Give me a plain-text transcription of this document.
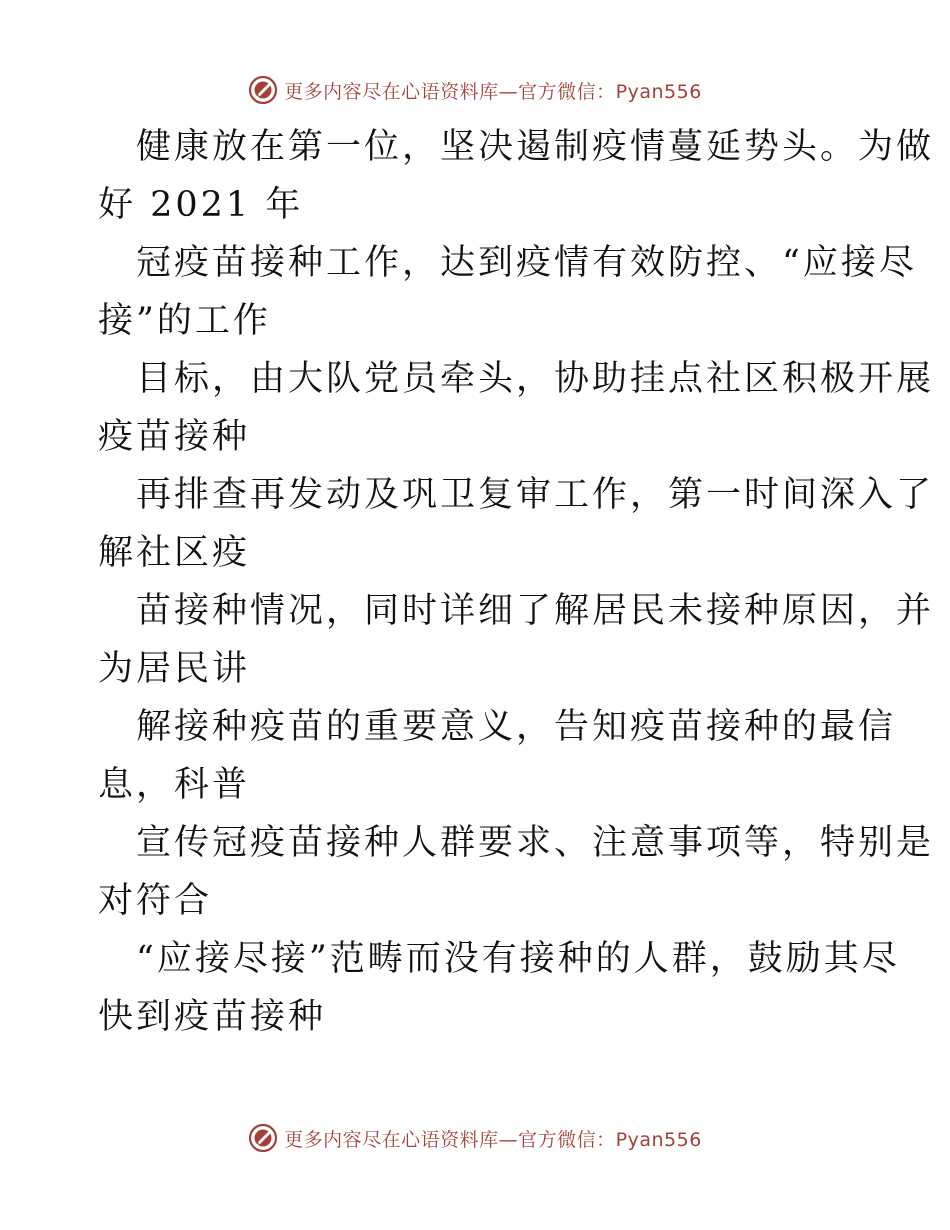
更多内容尽在心语资料库—官方微信：Pyan556
健康放在第一位，坚决遏制疫情蔓延势头。为做
好 2021 年
冠疫苗接种工作，达到疫情有效防控、“应接尽
接”的工作
目标，由大队党员牵头，协助挂点社区积极开展
疫苗接种
再排查再发动及巩卫复审工作，第一时间深入了
解社区疫
苗接种情况，同时详细了解居民未接种原因，并
为居民讲
解接种疫苗的重要意义，告知疫苗接种的最信
息，科普
宣传冠疫苗接种人群要求、注意事项等，特别是
对符合
“应接尽接”范畴而没有接种的人群，鼓励其尽
快到疫苗接种
更多内容尽在心语资料库—官方微信：Pyan556
